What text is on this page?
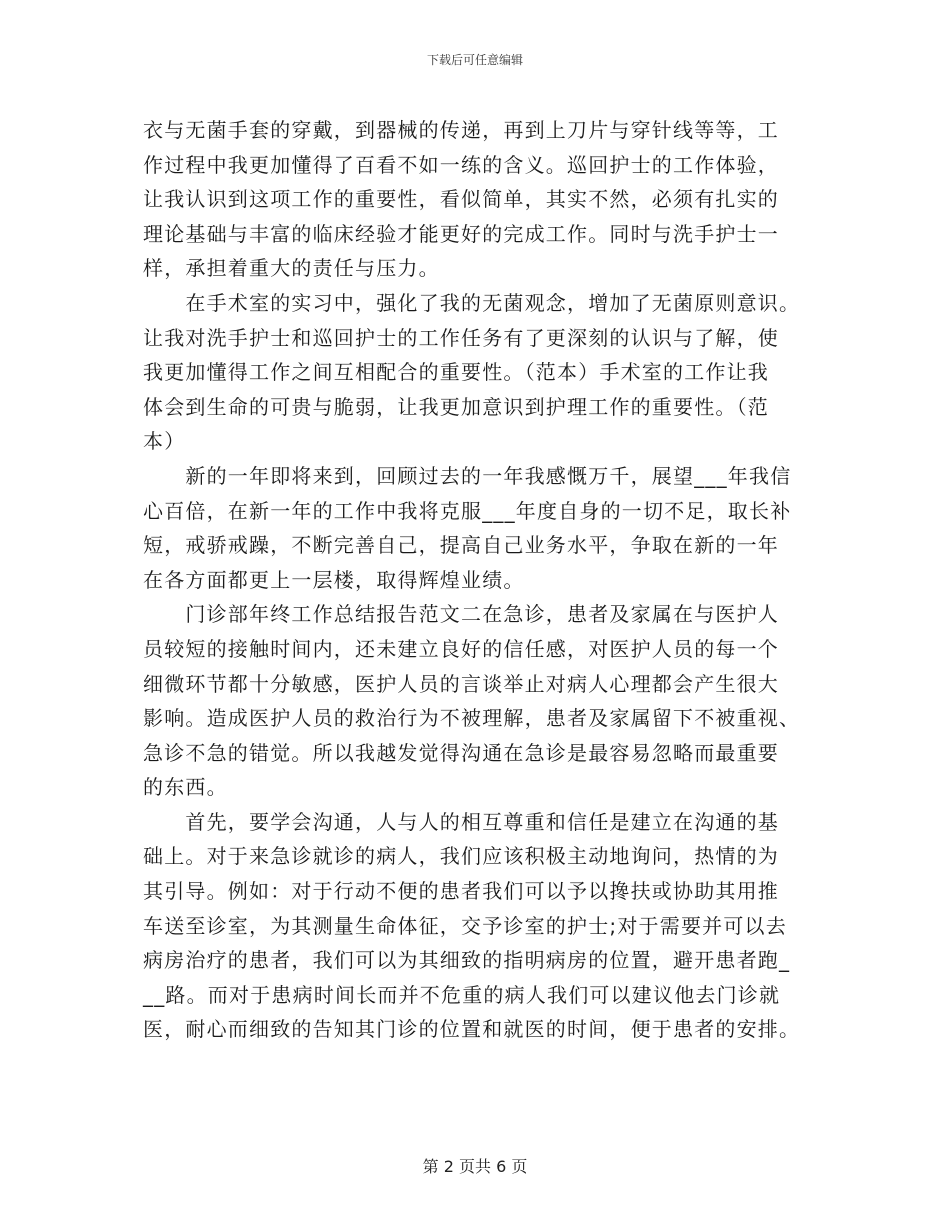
下载后可任意编辑
衣与无菌手套的穿戴，到器械的传递，再到上刀片与穿针线等等，工
作过程中我更加懂得了百看不如一练的含义。巡回护士的工作体验，
让我认识到这项工作的重要性，看似简单，其实不然，必须有扎实的
理论基础与丰富的临床经验才能更好的完成工作。同时与洗手护士一
样，承担着重大的责任与压力。
　　在手术室的实习中，强化了我的无菌观念，增加了无菌原则意识。
让我对洗手护士和巡回护士的工作任务有了更深刻的认识与了解，使
我更加懂得工作之间互相配合的重要性。（范本）手术室的工作让我
体会到生命的可贵与脆弱，让我更加意识到护理工作的重要性。（范
本）
　　新的一年即将来到，回顾过去的一年我感慨万千，展望___年我信
心百倍，在新一年的工作中我将克服___年度自身的一切不足，取长补
短，戒骄戒躁，不断完善自己，提高自己业务水平，争取在新的一年
在各方面都更上一层楼，取得辉煌业绩。
　　门诊部年终工作总结报告范文二在急诊，患者及家属在与医护人
员较短的接触时间内，还未建立良好的信任感，对医护人员的每一个
细微环节都十分敏感，医护人员的言谈举止对病人心理都会产生很大
影响。造成医护人员的救治行为不被理解，患者及家属留下不被重视、
急诊不急的错觉。所以我越发觉得沟通在急诊是最容易忽略而最重要
的东西。
　　首先，要学会沟通，人与人的相互尊重和信任是建立在沟通的基
础上。对于来急诊就诊的病人，我们应该积极主动地询问，热情的为
其引导。例如：对于行动不便的患者我们可以予以搀扶或协助其用推
车送至诊室，为其测量生命体征，交予诊室的护士;对于需要并可以去
病房治疗的患者，我们可以为其细致的指明病房的位置，避开患者跑_
__路。而对于患病时间长而并不危重的病人我们可以建议他去门诊就
医，耐心而细致的告知其门诊的位置和就医的时间，便于患者的安排。
第 2 页共 6 页
